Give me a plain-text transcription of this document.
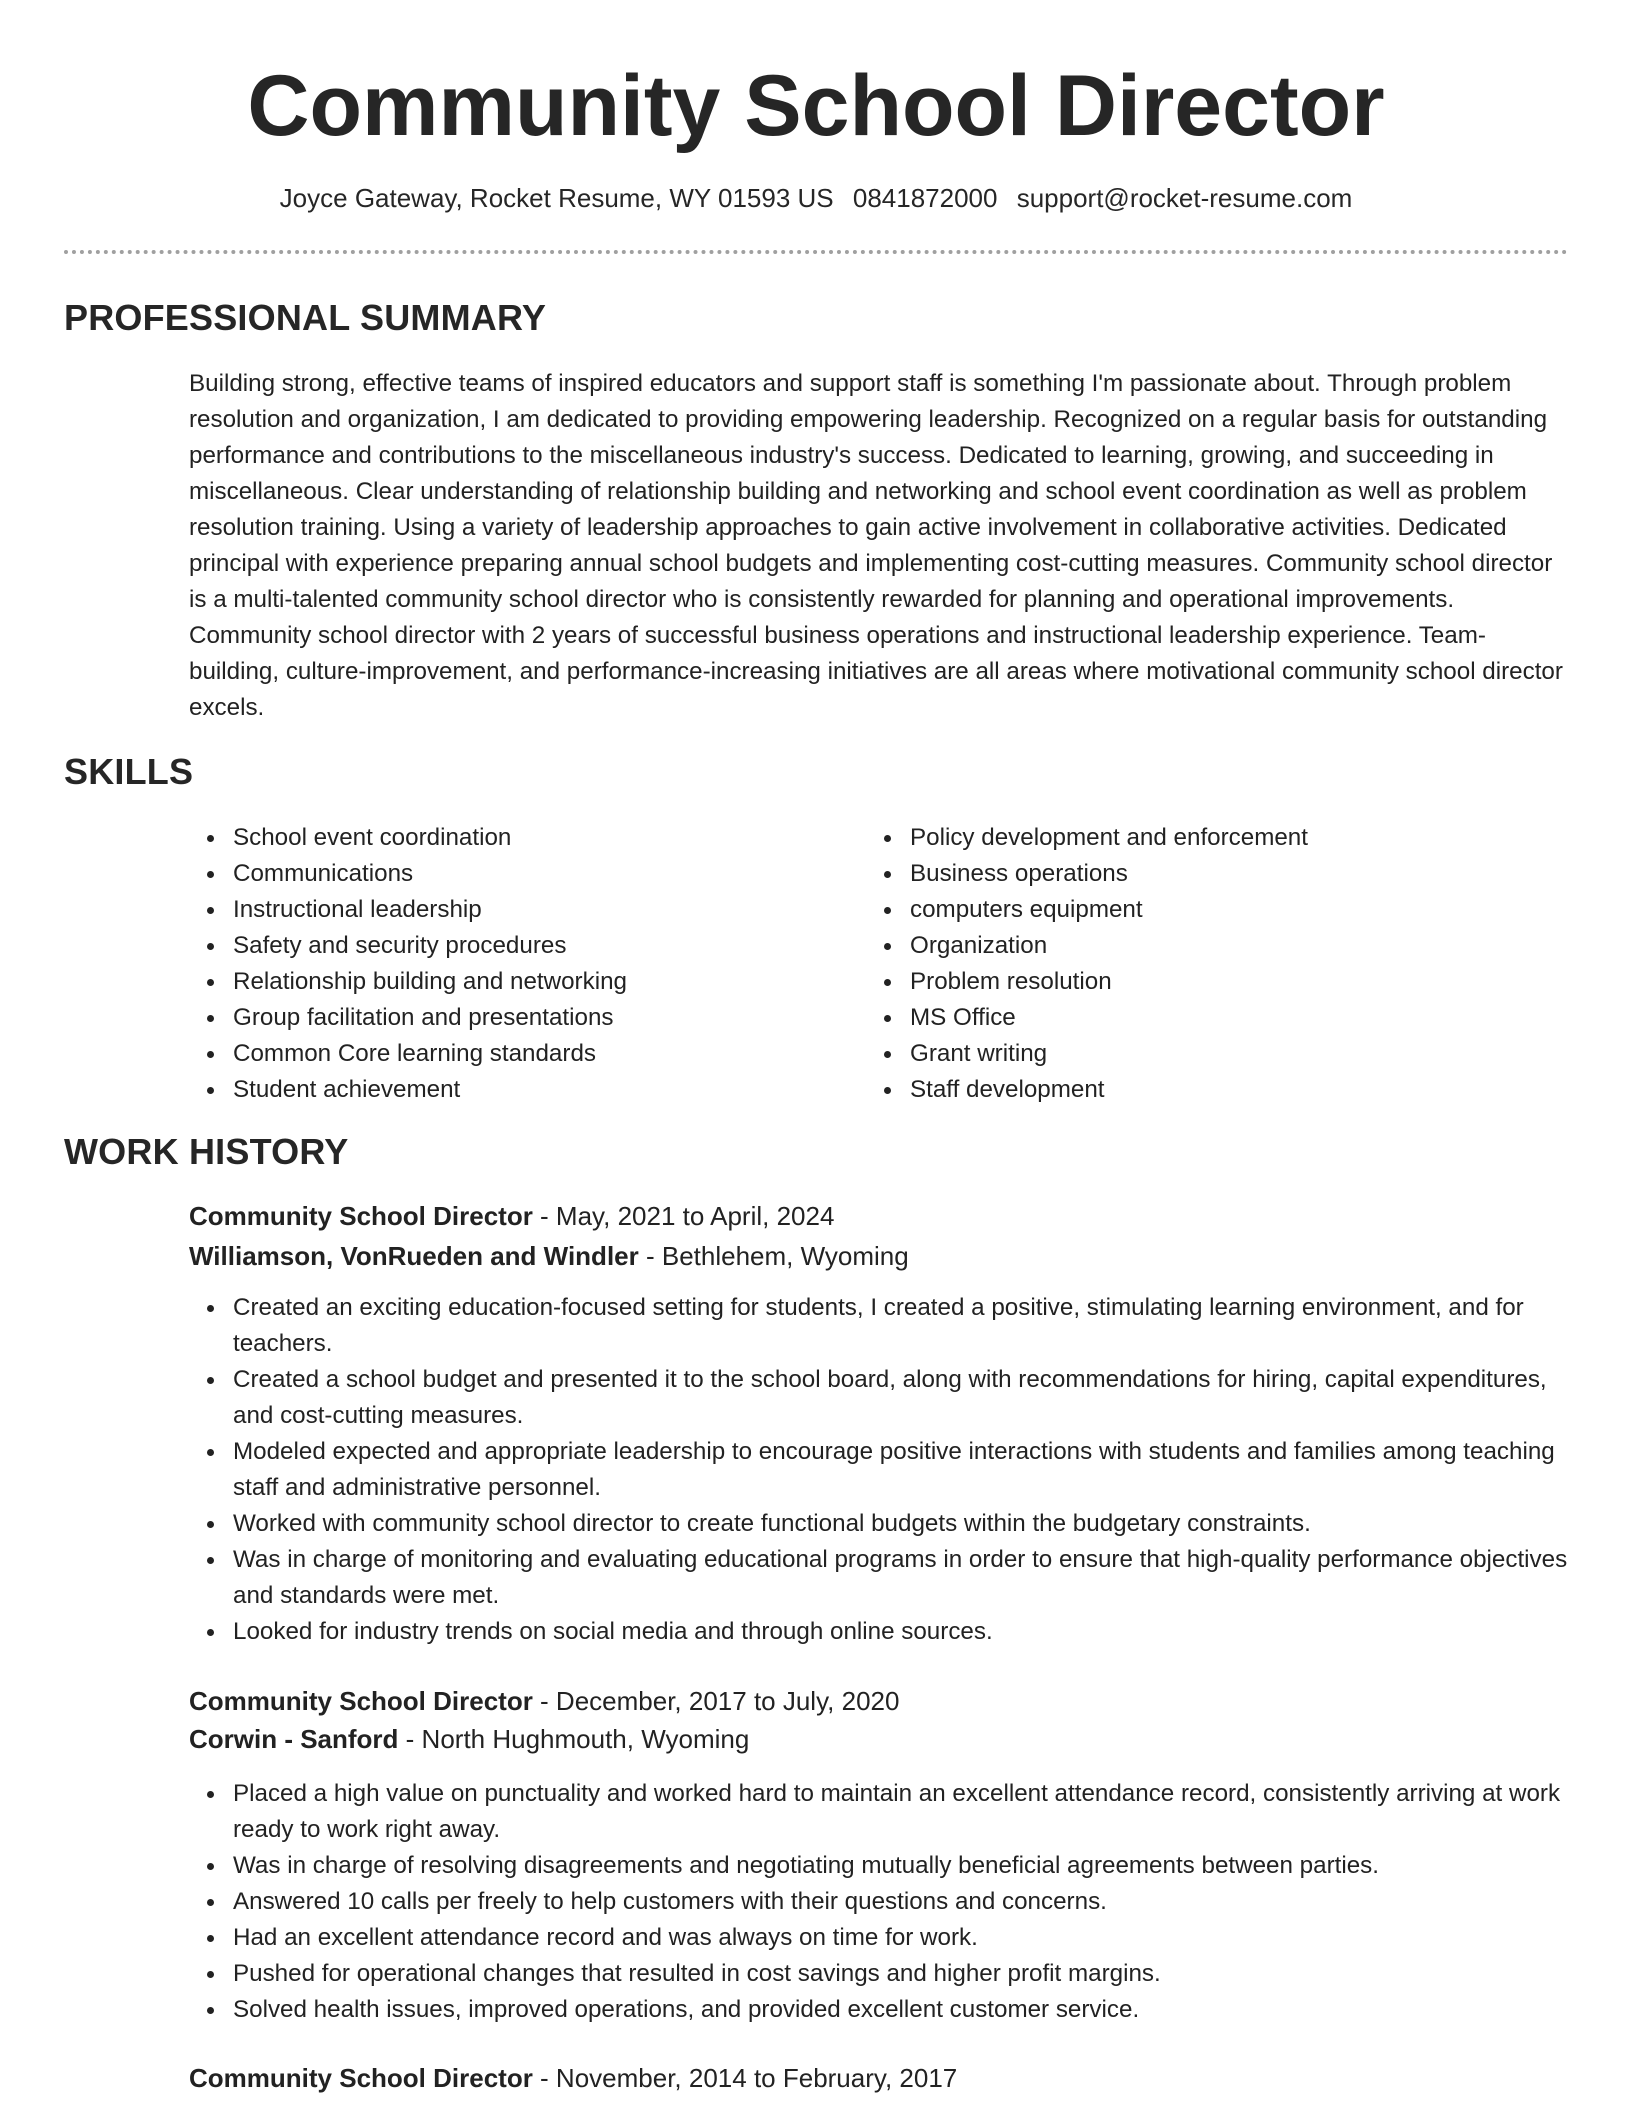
Community School Director
Joyce Gateway, Rocket Resume, WY 01593 US 0841872000 support@rocket-resume.com
PROFESSIONAL SUMMARY

Building strong, effective teams of inspired educators and support staff is something I'm passionate about. Through problem resolution and organization, I am dedicated to providing empowering leadership. Recognized on a regular basis for outstanding performance and contributions to the miscellaneous industry's success. Dedicated to learning, growing, and succeeding in miscellaneous. Clear understanding of relationship building and networking and school event coordination as well as problem resolution training. Using a variety of leadership approaches to gain active involvement in collaborative activities. Dedicated principal with experience preparing annual school budgets and implementing cost-cutting measures. Community school director is a multi-talented community school director who is consistently rewarded for planning and operational improvements. Community school director with 2 years of successful business operations and instructional leadership experience. Team-building, culture-improvement, and performance-increasing initiatives are all areas where motivational community school director excels.

SKILLS
School event coordination
Communications
Instructional leadership
Safety and security procedures
Relationship building and networking
Group facilitation and presentations
Common Core learning standards
Student achievement
Policy development and enforcement
Business operations
computers equipment
Organization
Problem resolution
MS Office
Grant writing
Staff development
WORK HISTORY
Community School Director - May, 2021 to April, 2024
Williamson, VonRueden and Windler - Bethlehem, Wyoming
Created an exciting education-focused setting for students, I created a positive, stimulating learning environment, and for teachers.
Created a school budget and presented it to the school board, along with recommendations for hiring, capital expenditures, and cost-cutting measures.
Modeled expected and appropriate leadership to encourage positive interactions with students and families among teaching staff and administrative personnel.
Worked with community school director to create functional budgets within the budgetary constraints.
Was in charge of monitoring and evaluating educational programs in order to ensure that high-quality performance objectives and standards were met.
Looked for industry trends on social media and through online sources.
Community School Director - December, 2017 to July, 2020
Corwin - Sanford - North Hughmouth, Wyoming
Placed a high value on punctuality and worked hard to maintain an excellent attendance record, consistently arriving at work ready to work right away.
Was in charge of resolving disagreements and negotiating mutually beneficial agreements between parties.
Answered 10 calls per freely to help customers with their questions and concerns.
Had an excellent attendance record and was always on time for work.
Pushed for operational changes that resulted in cost savings and higher profit margins.
Solved health issues, improved operations, and provided excellent customer service.
Community School Director - November, 2014 to February, 2017
